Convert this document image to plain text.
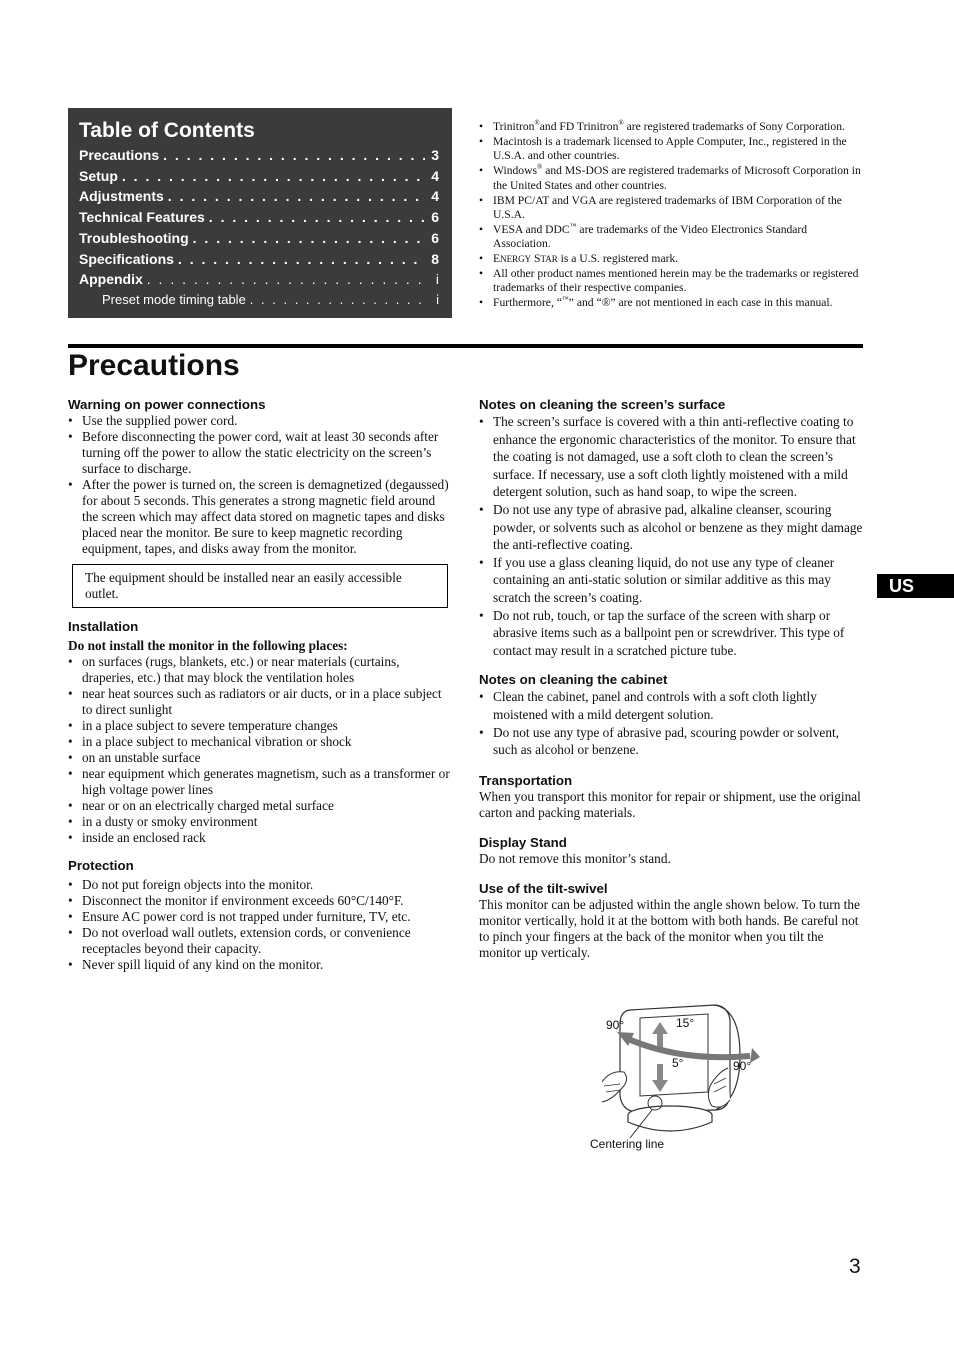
Table of Contents
Precautions . . .	3
Setup . . .	4
Adjustments . . .	4
Technical Features . . .	6
Troubleshooting . . .	6
Specifications . . .	8
Appendix . . .	i
Preset mode timing table . . .	i
• Trinitron®and FD Trinitron® are registered trademarks of Sony Corporation.
• Macintosh is a trademark licensed to Apple Computer, Inc., registered in the U.S.A. and other countries.
• Windows® and MS-DOS are registered trademarks of Microsoft Corporation in the United States and other countries.
• IBM PC/AT and VGA are registered trademarks of IBM Corporation of the U.S.A.
• VESA and DDC™ are trademarks of the Video Electronics Standard Association.
• ENERGY STAR is a U.S. registered mark.
• All other product names mentioned herein may be the trademarks or registered trademarks of their respective companies.
• Furthermore, “™” and “®” are not mentioned in each case in this manual.
Precautions
Warning on power connections
• Use the supplied power cord.
• Before disconnecting the power cord, wait at least 30 seconds after turning off the power to allow the static electricity on the screen’s surface to discharge.
• After the power is turned on, the screen is demagnetized (degaussed) for about 5 seconds. This generates a strong magnetic field around the screen which may affect data stored on magnetic tapes and disks placed near the monitor. Be sure to keep magnetic recording equipment, tapes, and disks away from the monitor.
The equipment should be installed near an easily accessible outlet.
Installation

Do not install the monitor in the following places:

• on surfaces (rugs, blankets, etc.) or near materials (curtains, draperies, etc.) that may block the ventilation holes
• near heat sources such as radiators or air ducts, or in a place subject to direct sunlight
• in a place subject to severe temperature changes
• in a place subject to mechanical vibration or shock
• on an unstable surface
• near equipment which generates magnetism, such as a transformer or high voltage power lines
• near or on an electrically charged metal surface
• in a dusty or smoky environment
• inside an enclosed rack
Protection
• Do not put foreign objects into the monitor.
• Disconnect the monitor if environment exceeds 60°C/140°F.
• Ensure AC power cord is not trapped under furniture, TV, etc.
• Do not overload wall outlets, extension cords, or convenience receptacles beyond their capacity.
• Never spill liquid of any kind on the monitor.
Notes on cleaning the screen’s surface
• The screen’s surface is covered with a thin anti-reflective coating to enhance the ergonomic characteristics of the monitor. To ensure that the coating is not damaged, use a soft cloth to clean the screen’s surface. If necessary, use a soft cloth lightly moistened with a mild detergent solution, such as hand soap, to wipe the screen.
• Do not use any type of abrasive pad, alkaline cleanser, scouring powder, or solvents such as alcohol or benzene as they might damage the anti-reflective coating.
• If you use a glass cleaning liquid, do not use any type of cleaner containing an anti-static solution or similar additive as this may scratch the screen’s coating.
• Do not rub, touch, or tap the surface of the screen with sharp or abrasive items such as a ballpoint pen or screwdriver. This type of contact may result in a scratched picture tube.
Notes on cleaning the cabinet
• Clean the cabinet, panel and controls with a soft cloth lightly moistened with a mild detergent solution.
• Do not use any type of abrasive pad, scouring powder or solvent, such as alcohol or benzene.
Transportation

When you transport this monitor for repair or shipment, use the original carton and packing materials.

Display Stand

Do not remove this monitor’s stand.

Use of the tilt-swivel

This monitor can be adjusted within the angle shown below. To turn the monitor vertically, hold it at the bottom with both hands. Be careful not to pinch your fingers at the back of the monitor when you tilt the monitor up verticaly.

US
90°	15°
5°	90°
Centering line
3
